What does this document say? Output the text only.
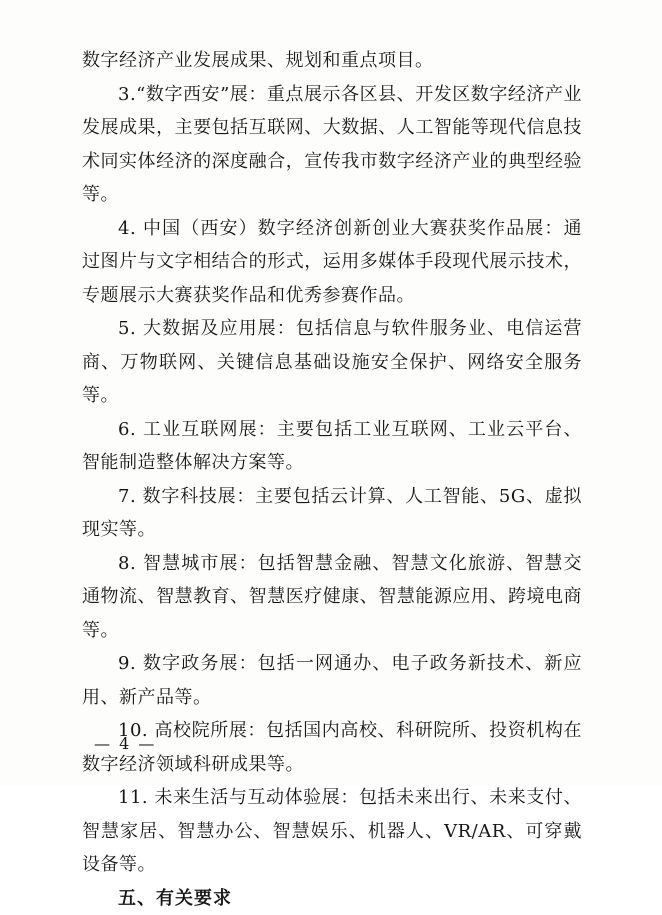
数字经济产业发展成果、规划和重点项目。

3.“数字西安”展：重点展示各区县、开发区数字经济产业发展成果，主要包括互联网、大数据、人工智能等现代信息技术同实体经济的深度融合，宣传我市数字经济产业的典型经验等。

4. 中国（西安）数字经济创新创业大赛获奖作品展：通过图片与文字相结合的形式，运用多媒体手段现代展示技术，专题展示大赛获奖作品和优秀参赛作品。

5. 大数据及应用展：包括信息与软件服务业、电信运营商、万物联网、关键信息基础设施安全保护、网络安全服务等。

6. 工业互联网展：主要包括工业互联网、工业云平台、智能制造整体解决方案等。

7. 数字科技展：主要包括云计算、人工智能、5G、虚拟现实等。

8. 智慧城市展：包括智慧金融、智慧文化旅游、智慧交通物流、智慧教育、智慧医疗健康、智慧能源应用、跨境电商等。

9. 数字政务展：包括一网通办、电子政务新技术、新应用、新产品等。

10. 高校院所展：包括国内高校、科研院所、投资机构在数字经济领域科研成果等。

11. 未来生活与互动体验展：包括未来出行、未来支付、智慧家居、智慧办公、智慧娱乐、机器人、VR/AR、可穿戴设备等。

五、有关要求

— 4 —
